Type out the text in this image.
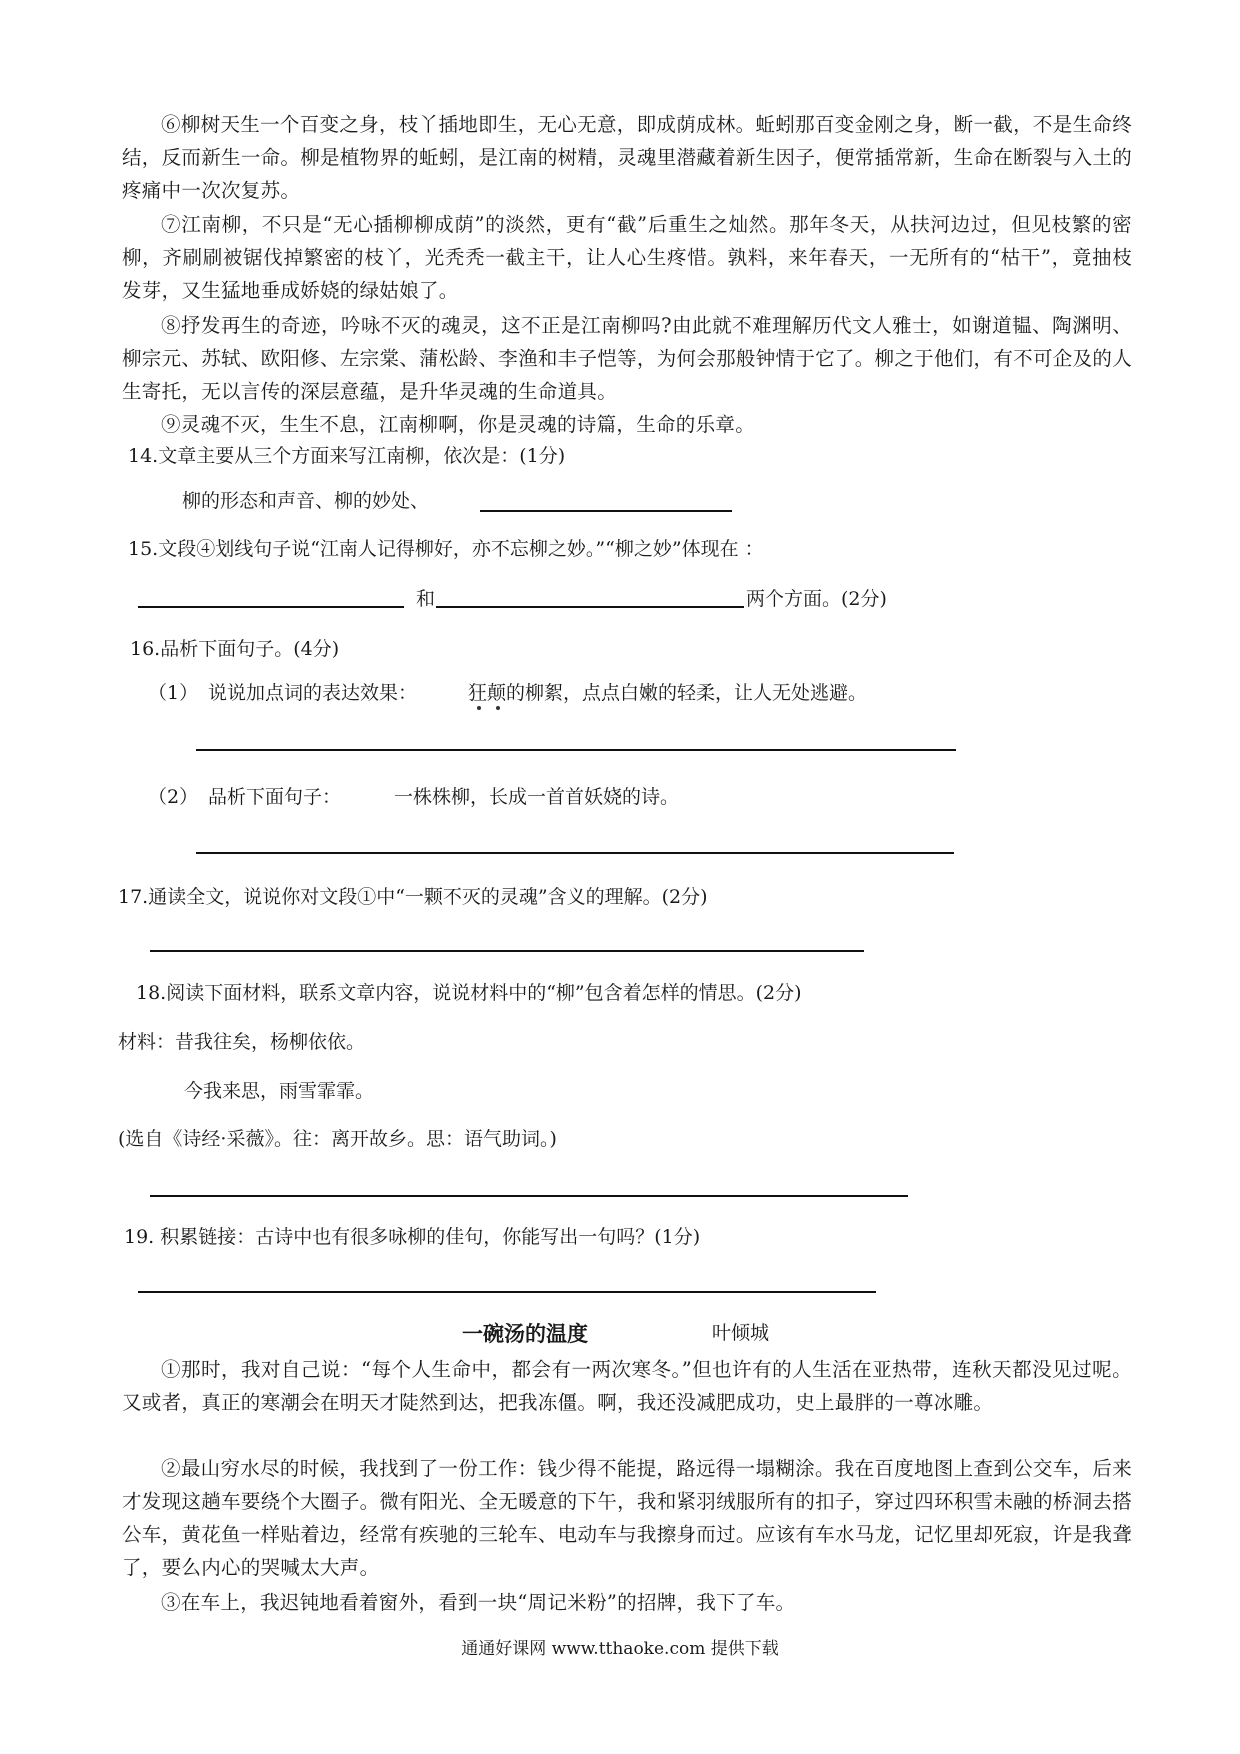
⑥柳树天生一个百变之身，枝丫插地即生，无心无意，即成荫成林。蚯蚓那百变金刚之身，断一截，不是生命终结，反而新生一命。柳是植物界的蚯蚓，是江南的树精，灵魂里潜藏着新生因子，便常插常新，生命在断裂与入土的疼痛中一次次复苏。

⑦江南柳，不只是“无心插柳柳成荫”的淡然，更有“截”后重生之灿然。那年冬天，从扶河边过，但见枝繁的密柳，齐刷刷被锯伐掉繁密的枝丫，光秃秃一截主干，让人心生疼惜。孰料，来年春天，一无所有的“枯干”，竟抽枝发芽，又生猛地垂成娇娆的绿姑娘了。

⑧抒发再生的奇迹，吟咏不灭的魂灵，这不正是江南柳吗?由此就不难理解历代文人雅士，如谢道韫、陶渊明、柳宗元、苏轼、欧阳修、左宗棠、蒲松龄、李渔和丰子恺等，为何会那般钟情于它了。柳之于他们，有不可企及的人生寄托，无以言传的深层意蕴，是升华灵魂的生命道具。

⑨灵魂不灭，生生不息，江南柳啊，你是灵魂的诗篇，生命的乐章。

14.文章主要从三个方面来写江南柳，依次是：(1分)
柳的形态和声音、柳的妙处、
15.文段④划线句子说“江南人记得柳好，亦不忘柳之妙。”“柳之妙”体现在 ：
和	两个方面。(2分)
16.品析下面句子。(4分)
（1） 说说加点词的表达效果：	狂颠的柳絮，点点白嫩的轻柔，让人无处逃避。
（2） 品析下面句子：	一株株柳，长成一首首妖娆的诗。
17.通读全文，说说你对文段①中“一颗不灭的灵魂”含义的理解。(2分)
18.阅读下面材料，联系文章内容，说说材料中的“柳”包含着怎样的情思。(2分)
材料：昔我往矣，杨柳依依。
今我来思，雨雪霏霏。
(选自《诗经·采薇》。往：离开故乡。思：语气助词。)
19. 积累链接：古诗中也有很多咏柳的佳句，你能写出一句吗？(1分)
一碗汤的温度	叶倾城

①那时，我对自己说：“每个人生命中，都会有一两次寒冬。”但也许有的人生活在亚热带，连秋天都没见过呢。又或者，真正的寒潮会在明天才陡然到达，把我冻僵。啊，我还没减肥成功，史上最胖的一尊冰雕。

②最山穷水尽的时候，我找到了一份工作：钱少得不能提，路远得一塌糊涂。我在百度地图上查到公交车，后来才发现这趟车要绕个大圈子。微有阳光、全无暖意的下午，我和紧羽绒服所有的扣子，穿过四环积雪未融的桥洞去搭公车，黄花鱼一样贴着边，经常有疾驰的三轮车、电动车与我擦身而过。应该有车水马龙，记忆里却死寂，许是我聋了，要么内心的哭喊太大声。

③在车上，我迟钝地看着窗外，看到一块“周记米粉”的招牌，我下了车。

通通好课网 www.tthaoke.com 提供下载
